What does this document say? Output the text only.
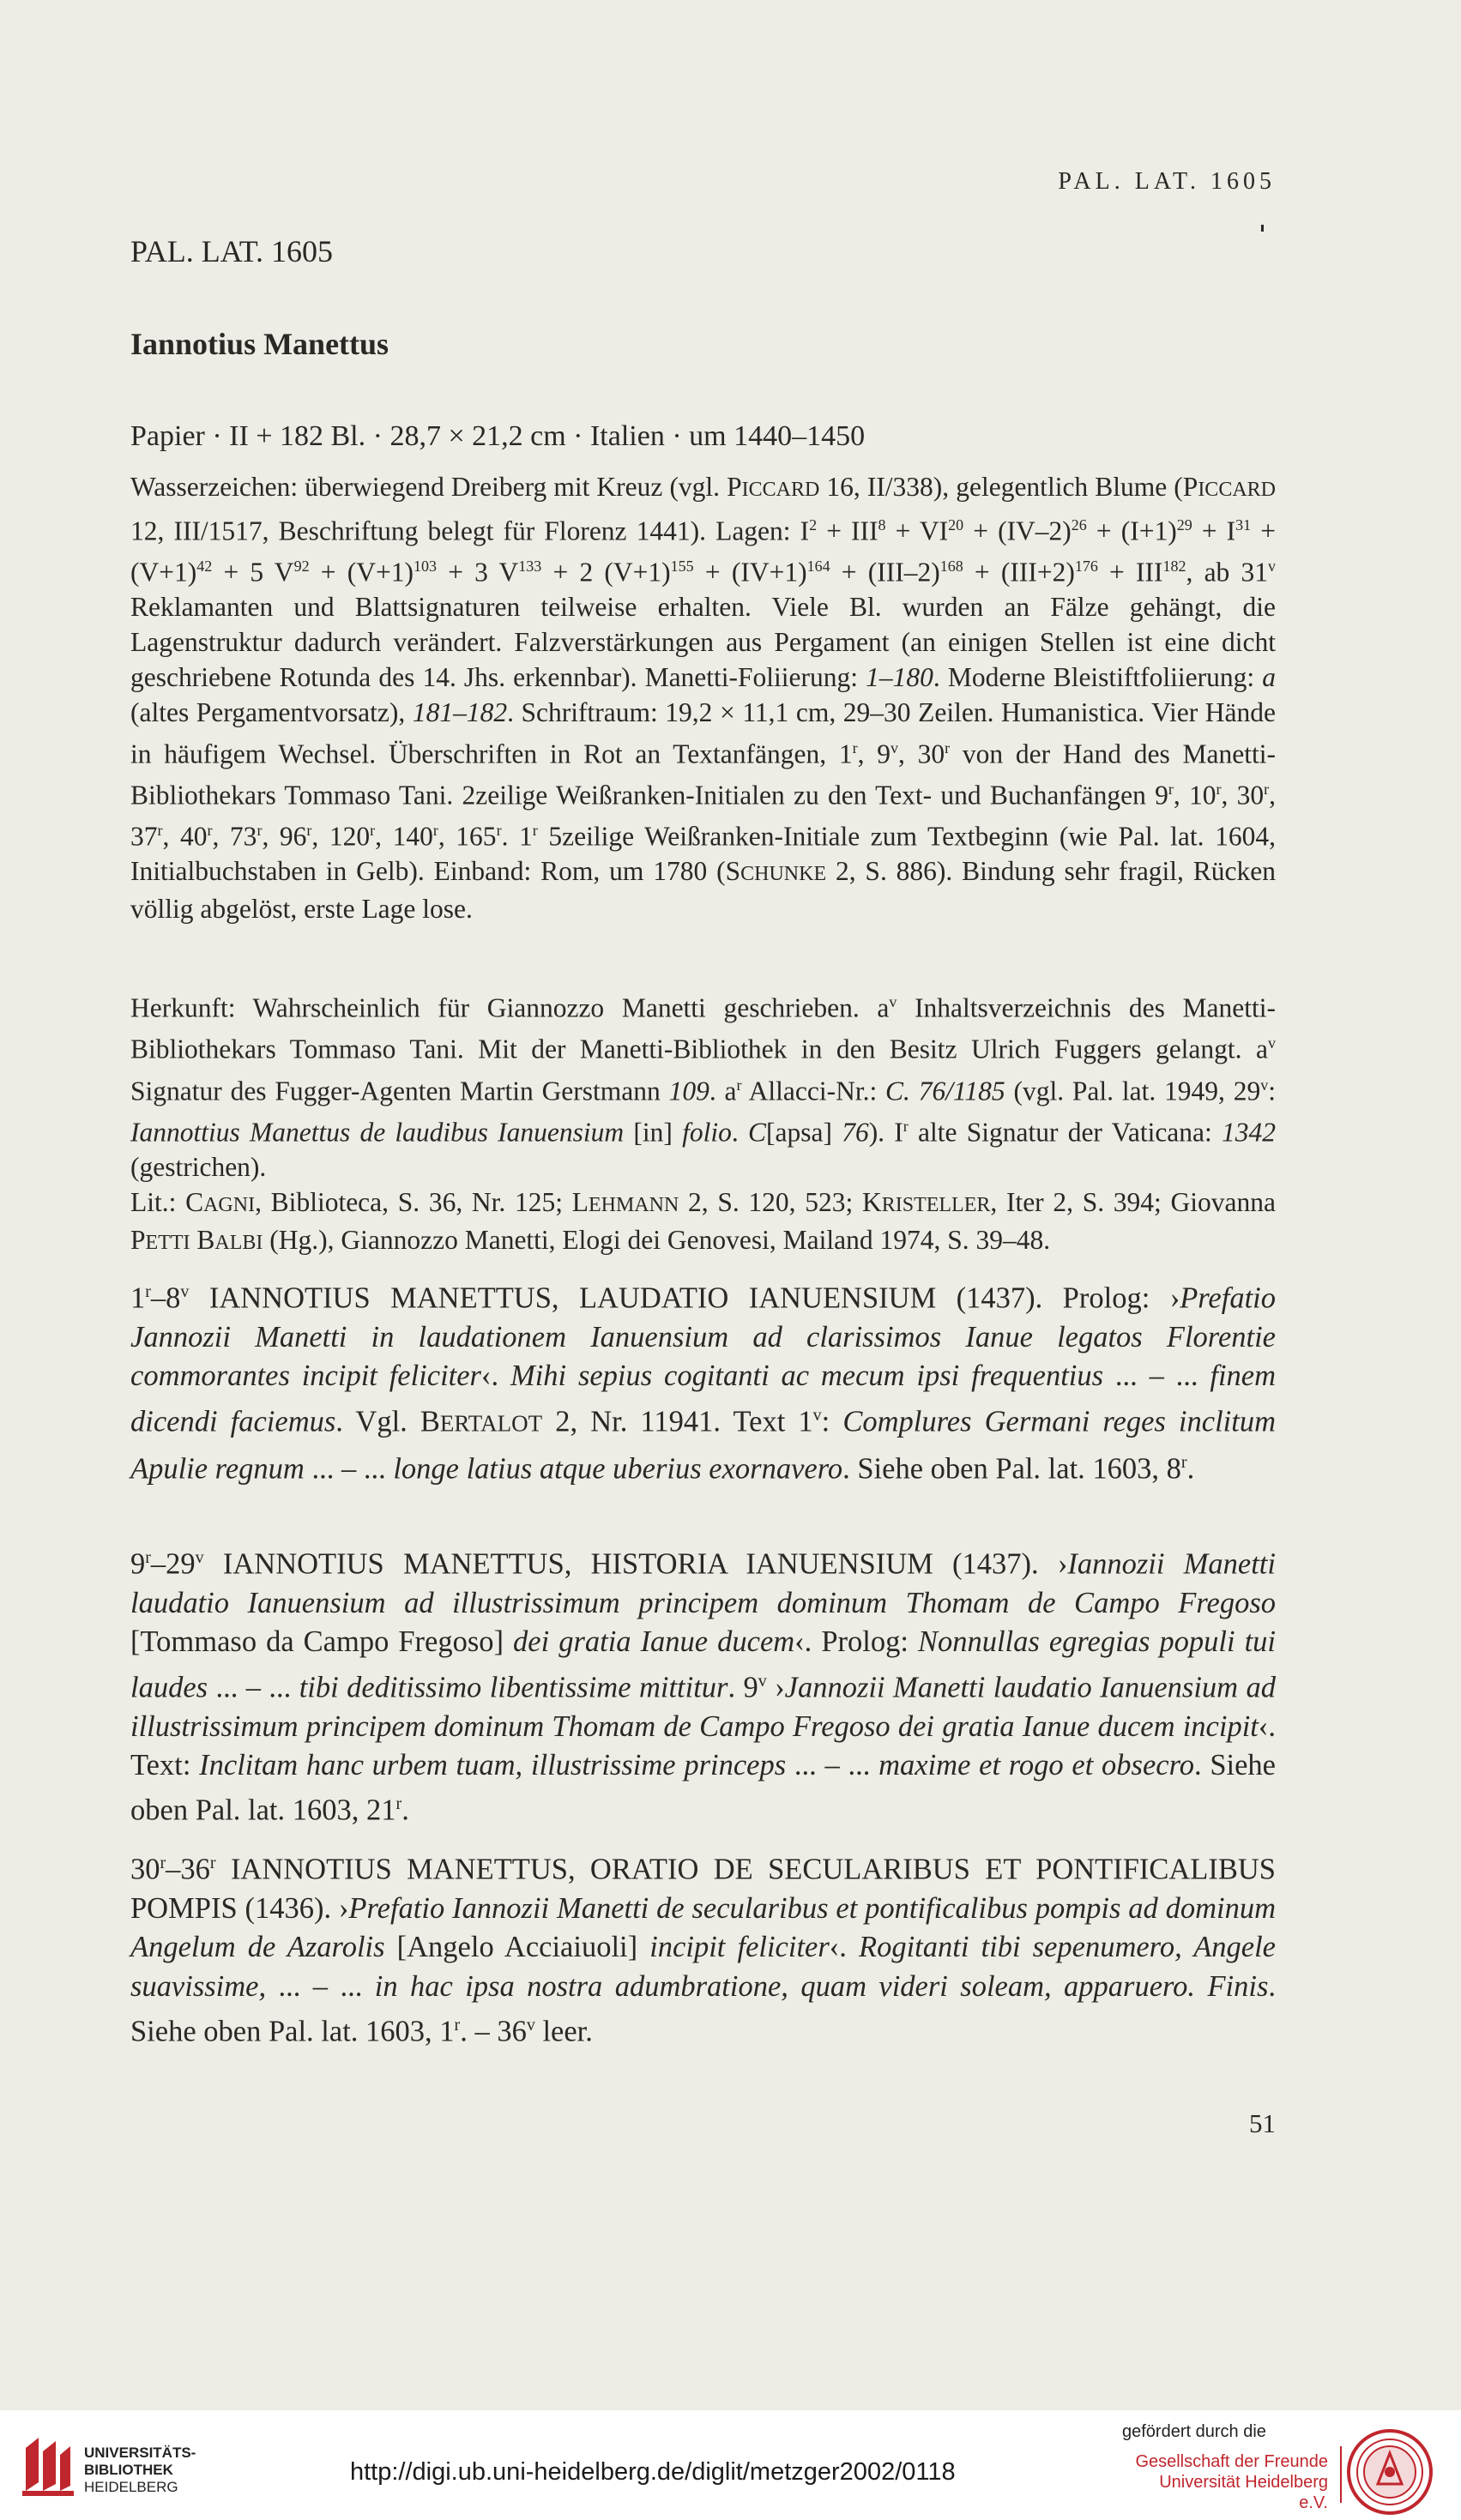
PAL. LAT. 1605
PAL. LAT. 1605
Iannotius Manettus
Papier · II + 182 Bl. · 28,7 × 21,2 cm · Italien · um 1440–1450

Wasserzeichen: überwiegend Dreiberg mit Kreuz (vgl. PICCARD 16, II/338), gelegentlich Blume (PICCARD 12, III/1517, Beschriftung belegt für Florenz 1441). Lagen: $I^2 + III^8 + VI^{20} + (IV-2)^{26} + (I+1)^{29} + I^{31} + (V+1)^{42} + 5$ $V^{92} + (V+1)^{103} + 3$ $V^{133} + 2$ $(V+1)^{155} + (IV+1)^{164} + (III-2)^{168} + (III+2)^{176} + III^{182}$, ab 31$^v$ Reklamanten und Blattsignaturen teilweise erhalten. Viele Bl. wurden an Fälze gehängt, die Lagenstruktur dadurch verändert. Falzverstärkungen aus Pergament (an einigen Stellen ist eine dicht geschriebene Rotunda des 14. Jhs. erkennbar). Manetti-Foliierung: 1–180. Moderne Bleistiftfoliierung: a (altes Pergamentvorsatz), 181–182. Schriftraum: 19,2 × 11,1 cm, 29–30 Zeilen. Humanistica. Vier Hände in häufigem Wechsel. Überschriften in Rot an Textanfängen, 1$^r$, 9$^v$, 30$^r$ von der Hand des Manetti-Bibliothekars Tommaso Tani. 2zeilige Weißranken-Initialen zu den Text- und Buchanfängen 9$^r$, 10$^r$, 30$^r$, 37$^r$, 40$^r$, 73$^r$, 96$^r$, 120$^r$, 140$^r$, 165$^r$. 1$^r$ 5zeilige Weißranken-Initiale zum Textbeginn (wie Pal. lat. 1604, Initialbuchstaben in Gelb). Einband: Rom, um 1780 (SCHUNKE 2, S. 886). Bindung sehr fragil, Rücken völlig abgelöst, erste Lage lose.

Herkunft: Wahrscheinlich für Giannozzo Manetti geschrieben. $a^v$ Inhaltsverzeichnis des Manetti-Bibliothekars Tommaso Tani. Mit der Manetti-Bibliothek in den Besitz Ulrich Fuggers gelangt. $a^v$ Signatur des Fugger-Agenten Martin Gerstmann 109. $a^r$ Allacci-Nr.: C. 76/1185 (vgl. Pal. lat. 1949, 29$^v$: Iannottius Manettus de laudibus Ianuensium [in] folio. C[apsa] 76). $I^r$ alte Signatur der Vaticana: 1342 (gestrichen).

Lit.: CAGNI, Biblioteca, S. 36, Nr. 125; LEHMANN 2, S. 120, 523; KRISTELLER, Iter 2, S. 394; Giovanna PETTI BALBI (Hg.), Giannozzo Manetti, Elogi dei Genovesi, Mailand 1974, S. 39–48.

1$^r$–8$^v$ IANNOTIUS MANETTUS, LAUDATIO IANUENSIUM (1437). Prolog: ›Prefatio Jannozii Manetti in laudationem Ianuensium ad clarissimos Ianue legatos Florentie commorantes incipit feliciter‹. Mihi sepius cogitanti ac mecum ipsi frequentius ... – ... finem dicendi faciemus. Vgl. BERTALOT 2, Nr. 11941. Text 1$^v$: Complures Germani reges inclitum Apulie regnum ... – ... longe latius atque uberius exornavero. Siehe oben Pal. lat. 1603, 8$^r$.

9$^r$–29$^v$ IANNOTIUS MANETTUS, HISTORIA IANUENSIUM (1437). ›Iannozii Manetti laudatio Ianuensium ad illustrissimum principem dominum Thomam de Campo Fregoso [Tommaso da Campo Fregoso] dei gratia Ianue ducem‹. Prolog: Nonnullas egregias populi tui laudes ... – ... tibi deditissimo libentissime mittitur. 9$^v$ ›Jannozii Manetti laudatio Ianuensium ad illustrissimum principem dominum Thomam de Campo Fregoso dei gratia Ianue ducem incipit‹. Text: Inclitam hanc urbem tuam, illustrissime princeps ... – ... maxime et rogo et obsecro. Siehe oben Pal. lat. 1603, 21$^r$.

30$^r$–36$^r$ IANNOTIUS MANETTUS, ORATIO DE SECULARIBUS ET PONTIFICALIBUS POMPIS (1436). ›Prefatio Iannozii Manetti de secularibus et pontificalibus pompis ad dominum Angelum de Azarolis [Angelo Acciaiuoli] incipit feliciter‹. Rogitanti tibi sepenumero, Angele suavissime, ... – ... in hac ipsa nostra adumbratione, quam videri soleam, apparuero. Finis. Siehe oben Pal. lat. 1603, 1$^r$. – 36$^v$ leer.

51
UNIVERSITÄTS-
BIBLIOTHEK
HEIDELBERG
http://digi.ub.uni-heidelberg.de/diglit/metzger2002/0118
gefördert durch die
Gesellschaft der Freunde
Universität Heidelberg e.V.
